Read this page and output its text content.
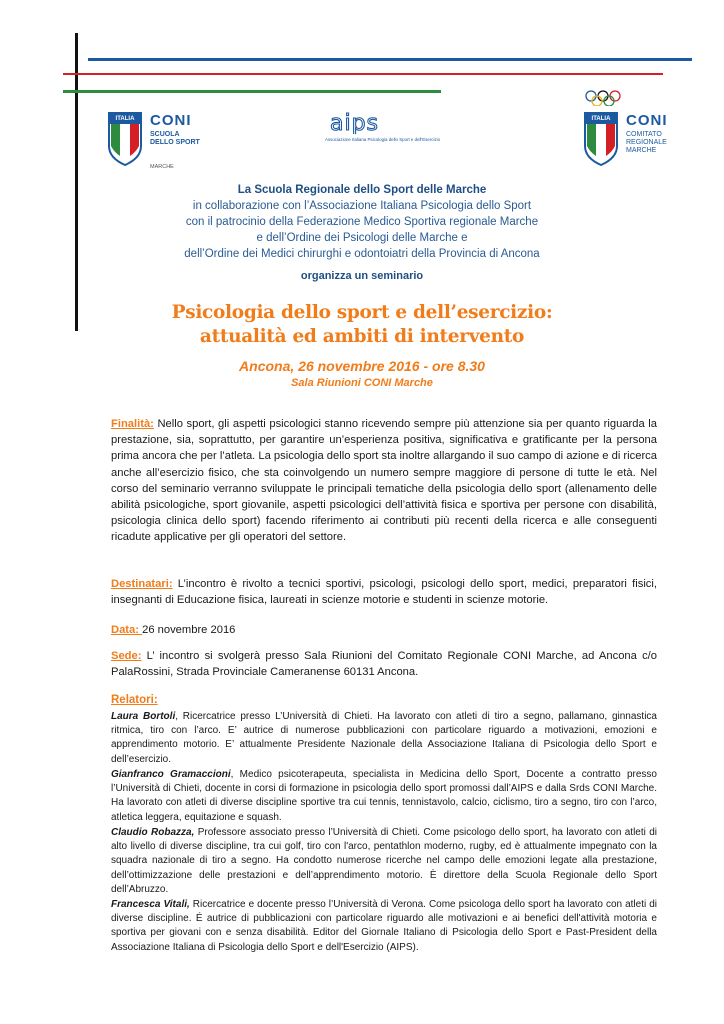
ITALIA	CONI
SCUOLA
DELLO SPORT
MARCHE
aips
Associazione Italiana Psicologia dello Sport e dell'Esercizio
ITALIA	CONI
COMITATO
REGIONALE
MARCHE
La Scuola Regionale dello Sport delle Marche
in collaborazione con l’Associazione Italiana Psicologia dello Sport
con il patrocinio della Federazione Medico Sportiva regionale Marche
e dell’Ordine dei Psicologi delle Marche e
dell’Ordine dei Medici chirurghi e odontoiatri della Provincia di Ancona
organizza un seminario
Psicologia dello sport e dell’esercizio:
attualità ed ambiti di intervento
Ancona, 26 novembre 2016 - ore 8.30
Sala Riunioni CONI Marche
Finalità: Nello sport, gli aspetti psicologici stanno ricevendo sempre più attenzione sia per quanto riguarda la prestazione, sia, soprattutto, per garantire un’esperienza positiva, significativa e gratificante per la persona prima ancora che per l’atleta. La psicologia dello sport sta inoltre allargando il suo campo di azione e di ricerca anche all’esercizio fisico, che sta coinvolgendo un numero sempre maggiore di persone di tutte le età. Nel corso del seminario verranno sviluppate le principali tematiche della psicologia dello sport (allenamento delle abilità psicologiche, sport giovanile, aspetti psicologici dell’attività fisica e sportiva per persone con disabilità, psicologia clinica dello sport) facendo riferimento ai contributi più recenti della ricerca e alle conseguenti ricadute applicative per gli operatori del settore.
Destinatari: L’incontro è rivolto a tecnici sportivi, psicologi, psicologi dello sport, medici, preparatori fisici, insegnanti di Educazione fisica, laureati in scienze motorie e studenti in scienze motorie.
Data: 26 novembre 2016
Sede: L’ incontro si svolgerà presso Sala Riunioni del Comitato Regionale CONI Marche, ad Ancona c/o PalaRossini, Strada Provinciale Cameranense 60131 Ancona.
Relatori:
Laura Bortoli, Ricercatrice presso L’Università di Chieti. Ha lavorato con atleti di tiro a segno, pallamano, ginnastica ritmica, tiro con l’arco. E’ autrice di numerose pubblicazioni con particolare riguardo a motivazioni, emozioni e apprendimento motorio. E’ attualmente Presidente Nazionale della Associazione Italiana di Psicologia dello Sport e dell’esercizio.
Gianfranco Gramaccioni, Medico psicoterapeuta, specialista in Medicina dello Sport, Docente a contratto presso l’Università di Chieti, docente in corsi di formazione in psicologia dello sport promossi dall’AIPS e dalla Srds CONI Marche. Ha lavorato con atleti di diverse discipline sportive tra cui tennis, tennistavolo, calcio, ciclismo, tiro a segno, tiro con l’arco, atletica leggera, equitazione e squash.
Claudio Robazza, Professore associato presso l’Università di Chieti. Come psicologo dello sport, ha lavorato con atleti di alto livello di diverse discipline, tra cui golf, tiro con l'arco, pentathlon moderno, rugby, ed è attualmente impegnato con la squadra nazionale di tiro a segno. Ha condotto numerose ricerche nel campo delle emozioni legate alla prestazione, dell’ottimizzazione delle prestazioni e dell’apprendimento motorio. È direttore della Scuola Regionale dello Sport dell’Abruzzo.
Francesca Vitali, Ricercatrice e docente presso l’Università di Verona. Come psicologa dello sport ha lavorato con atleti di diverse discipline. É autrice di pubblicazioni con particolare riguardo alle motivazioni e ai benefici dell'attività motoria e sportiva per giovani con e senza disabilità. Editor del Giornale Italiano di Psicologia dello Sport e Past-President della Associazione Italiana di Psicologia dello Sport e dell'Esercizio (AIPS).
